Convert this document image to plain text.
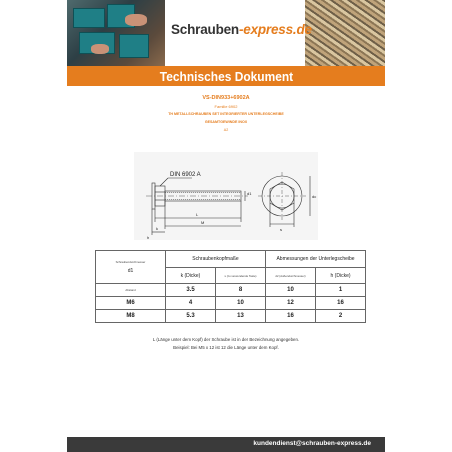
Schrauben-express.de
Technisches Dokument
VS-DIN933+6902A
Familie 6902
TH METALLSCHRAUBEN SET INTEGRIERTER UNTERLEGSCHEIBE
GESAMTGEWINDE INOX
A2
DIN 6902 A
L
M
k
h
d1
s
dc
Schraubendurchmesser
d1	Schraubenkopfmaße		Abmessungen der Unterlegscheibe	
	k (Dicke)	s (zu verwendende Taste)	d2 (Außendurchmesser)	h (Dicke)
Abstand	3.5	8	10	1
M6	4	10	12	16
M8	5.3	13	16	2
L (Länge unter dem Kopf) der Schraube ist in der Bezeichnung angegeben.
Beispiel: Bei M5 x 12 ist 12 die Länge unter dem Kopf.
kundendienst@schrauben-express.de
